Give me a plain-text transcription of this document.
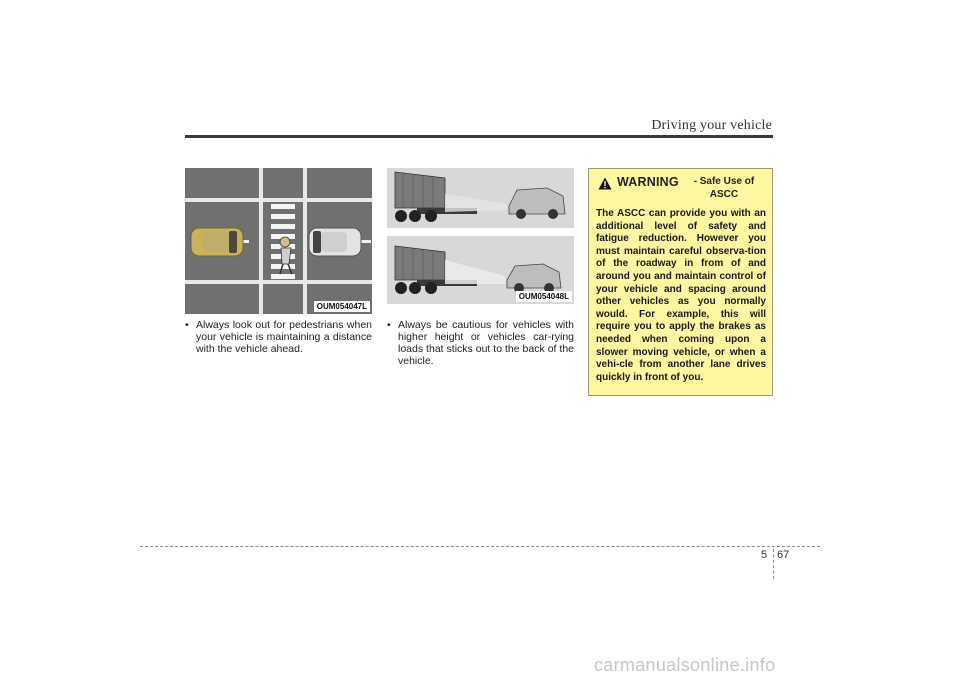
Driving your vehicle
OUM054047L
OUM054048L
• Always look out for pedestrians when your vehicle is maintaining a distance with the vehicle ahead.
• Always be cautious for vehicles with higher height or vehicles car-rying loads that sticks out to the back of the vehicle.
WARNING	- Safe Use of ASCC
The ASCC can provide you with an additional level of safety and fatigue reduction. However you must maintain careful observa-tion of the roadway in from of and around you and maintain control of your vehicle and spacing around other vehicles as you normally would. For example, this will require you to apply the brakes as needed when coming upon a slower moving vehicle, or when a vehi-cle from another lane drives quickly in front of you.
5 67
carmanualsonline.info
